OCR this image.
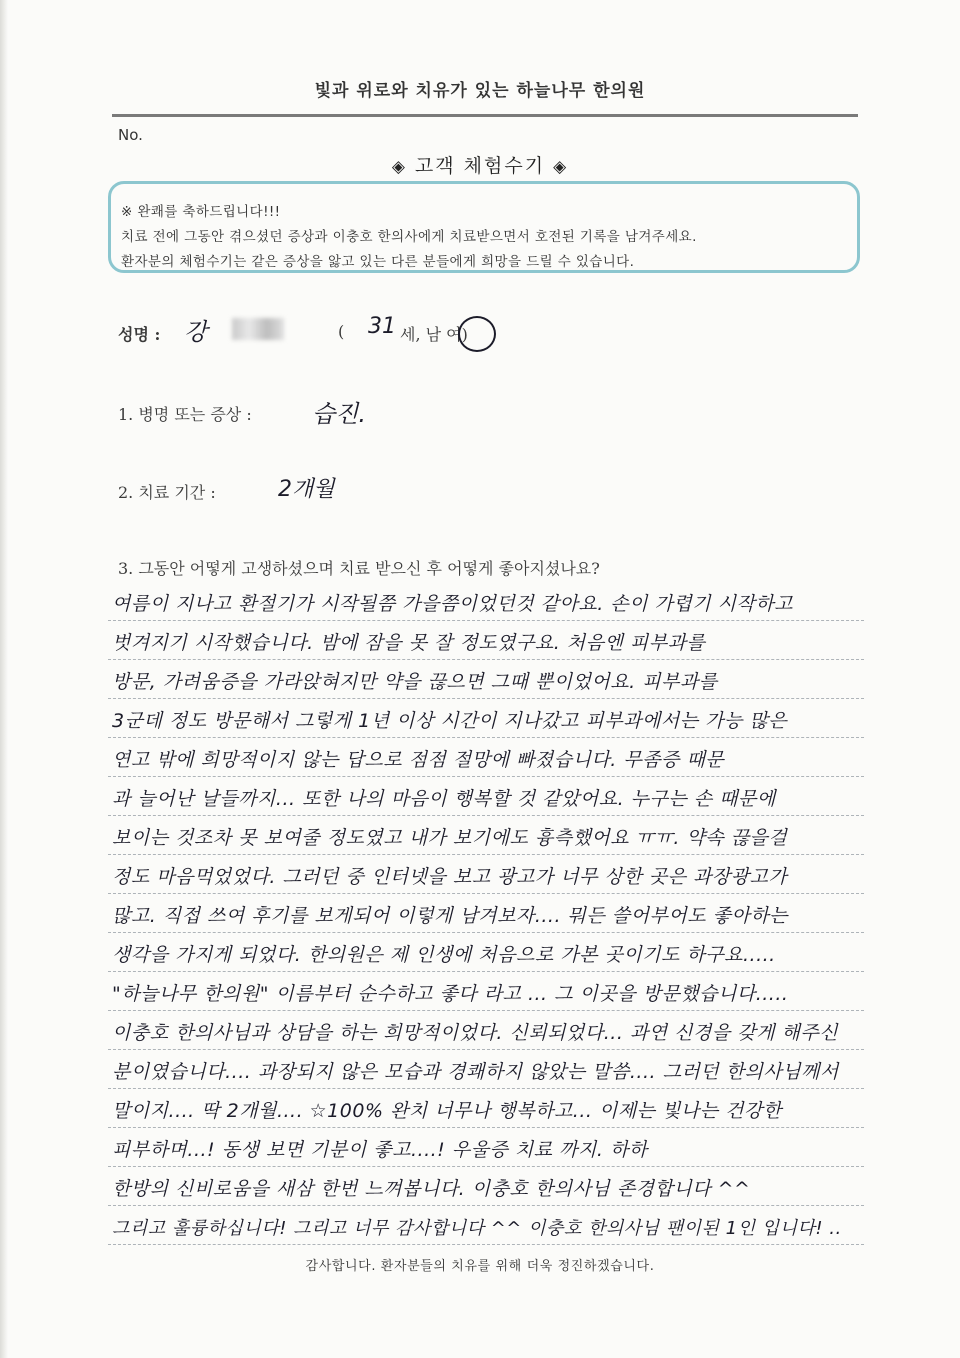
빛과 위로와 치유가 있는 하늘나무 한의원
No.
◈ 고객 체험수기 ◈
※ 완쾌를 축하드립니다!!!
치료 전에 그동안 겪으셨던 증상과 이충호 한의사에게 치료받으면서 호전된 기록을 남겨주세요.
환자분의 체험수기는 같은 증상을 앓고 있는 다른 분들에게 희망을 드릴 수 있습니다.
성명 : 강	( 31 세, 남 여)
1. 병명 또는 증상 :	습진.
2. 치료 기간 :	2개월
3. 그동안 어떻게 고생하셨으며 치료 받으신 후 어떻게 좋아지셨나요?
여름이 지나고 환절기가 시작될쯤 가을쯤이었던것 같아요. 손이 가렵기 시작하고
벗겨지기 시작했습니다. 밤에 잠을 못 잘 정도였구요. 처음엔 피부과를
방문, 가려움증을 가라앉혀지만 약을 끊으면 그때 뿐이었어요. 피부과를
3군데 정도 방문해서 그렇게 1년 이상 시간이 지나갔고 피부과에서는 가능 많은
연고 밖에 희망적이지 않는 답으로 점점 절망에 빠졌습니다. 무좀증 때문
과 늘어난 날들까지... 또한 나의 마음이 행복할 것 같았어요. 누구는 손 때문에
보이는 것조차 못 보여줄 정도였고 내가 보기에도 흉측했어요 ㅠㅠ. 약속 끊을걸
정도 마음먹었었다. 그러던 중 인터넷을 보고 광고가 너무 상한 곳은 과장광고가
많고. 직접 쓰여 후기를 보게되어 이렇게 남겨보자.... 뭐든 쓸어부어도 좋아하는
생각을 가지게 되었다. 한의원은 제 인생에 처음으로 가본 곳이기도 하구요.....
"하늘나무 한의원" 이름부터 순수하고 좋다 라고 ... 그 이곳을 방문했습니다.....
이충호 한의사님과 상담을 하는 희망적이었다. 신뢰되었다... 과연 신경을 갖게 해주신
분이였습니다.... 과장되지 않은 모습과 경쾌하지 않았는 말씀.... 그러던 한의사님께서
말이지.... 딱 2개월.... ☆100% 완치 너무나 행복하고... 이제는 빛나는 건강한
피부하며...! 동생 보면 기분이 좋고....! 우울증 치료 까지. 하하
한방의 신비로움을 새삼 한번 느껴봅니다. 이충호 한의사님 존경합니다 ^^
그리고 훌륭하십니다! 그리고 너무 감사합니다 ^^ 이충호 한의사님 팬이된 1인 입니다! ..
감사합니다. 환자분들의 치유를 위해 더욱 정진하겠습니다.
